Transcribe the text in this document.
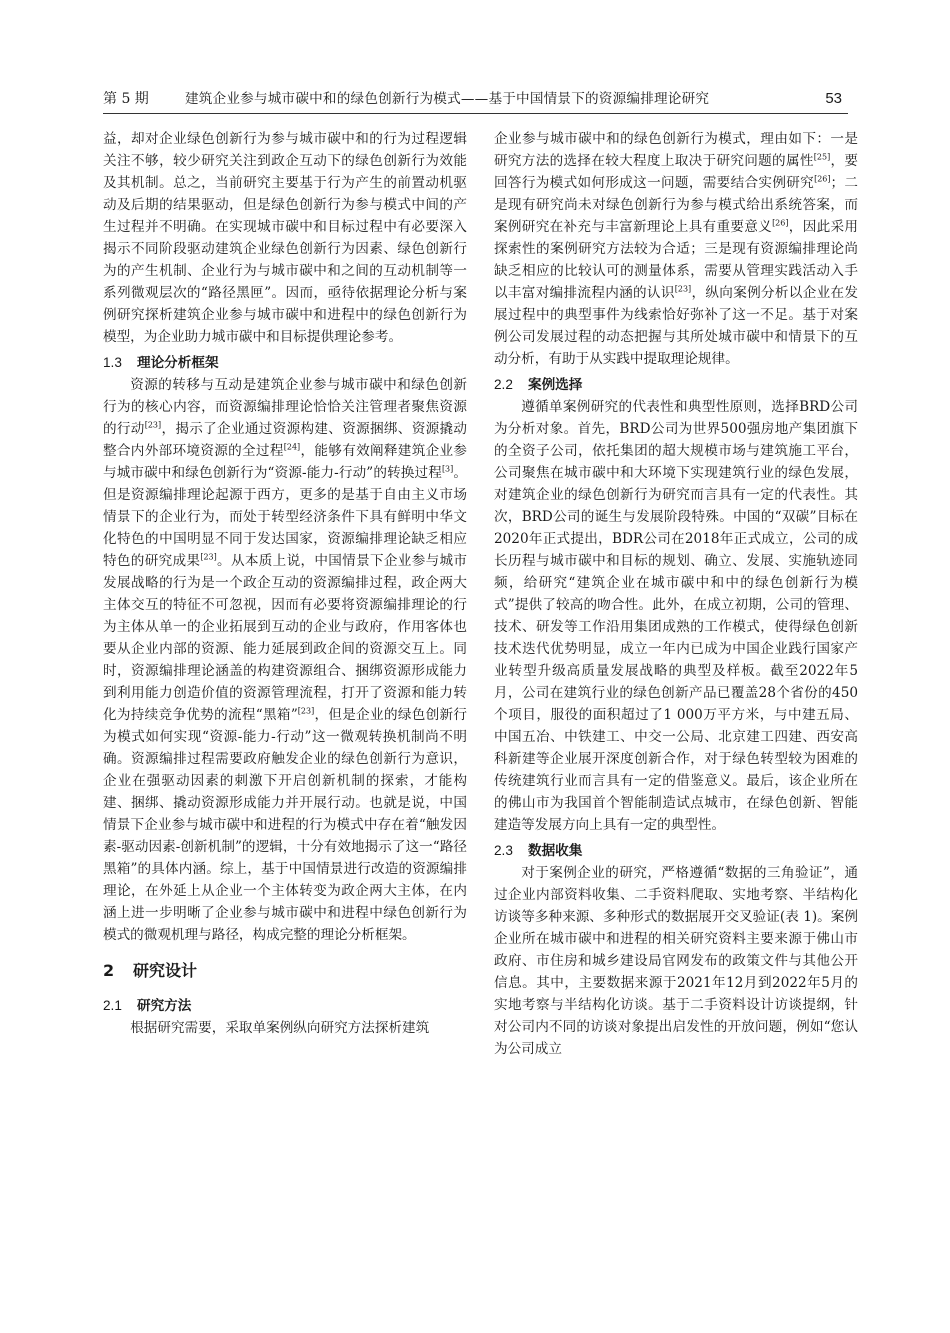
第 5 期	建筑企业参与城市碳中和的绿色创新行为模式——基于中国情景下的资源编排理论研究	53

益，却对企业绿色创新行为参与城市碳中和的行为过程逻辑关注不够，较少研究关注到政企互动下的绿色创新行为效能及其机制。总之，当前研究主要基于行为产生的前置动机驱动及后期的结果驱动，但是绿色创新行为参与模式中间的产生过程并不明确。在实现城市碳中和目标过程中有必要深入揭示不同阶段驱动建筑企业绿色创新行为因素、绿色创新行为的产生机制、企业行为与城市碳中和之间的互动机制等一系列微观层次的“路径黑匣”。因而，亟待依据理论分析与案例研究探析建筑企业参与城市碳中和进程中的绿色创新行为模型，为企业助力城市碳中和目标提供理论参考。

1.3 理论分析框架

资源的转移与互动是建筑企业参与城市碳中和绿色创新行为的核心内容，而资源编排理论恰恰关注管理者聚焦资源的行动[23]，揭示了企业通过资源构建、资源捆绑、资源撬动整合内外部环境资源的全过程[24]，能够有效阐释建筑企业参与城市碳中和绿色创新行为“资源-能力-行动”的转换过程[3]。但是资源编排理论起源于西方，更多的是基于自由主义市场情景下的企业行为，而处于转型经济条件下具有鲜明中华文化特色的中国明显不同于发达国家，资源编排理论缺乏相应特色的研究成果[23]。从本质上说，中国情景下企业参与城市发展战略的行为是一个政企互动的资源编排过程，政企两大主体交互的特征不可忽视，因而有必要将资源编排理论的行为主体从单一的企业拓展到互动的企业与政府，作用客体也要从企业内部的资源、能力延展到政企间的资源交互上。同时，资源编排理论涵盖的构建资源组合、捆绑资源形成能力到利用能力创造价值的资源管理流程，打开了资源和能力转化为持续竞争优势的流程“黑箱”[23]，但是企业的绿色创新行为模式如何实现“资源-能力-行动”这一微观转换机制尚不明确。资源编排过程需要政府触发企业的绿色创新行为意识，企业在强驱动因素的刺激下开启创新机制的探索，才能构建、捆绑、撬动资源形成能力并开展行动。也就是说，中国情景下企业参与城市碳中和进程的行为模式中存在着“触发因素-驱动因素-创新机制”的逻辑，十分有效地揭示了这一“路径黑箱”的具体内涵。综上，基于中国情景进行改造的资源编排理论，在外延上从企业一个主体转变为政企两大主体，在内涵上进一步明晰了企业参与城市碳中和进程中绿色创新行为模式的微观机理与路径，构成完整的理论分析框架。

2 研究设计

2.1 研究方法

根据研究需要，采取单案例纵向研究方法探析建筑

企业参与城市碳中和的绿色创新行为模式，理由如下：一是研究方法的选择在较大程度上取决于研究问题的属性[25]，要回答行为模式如何形成这一问题，需要结合实例研究[26]；二是现有研究尚未对绿色创新行为参与模式给出系统答案，而案例研究在补充与丰富新理论上具有重要意义[26]，因此采用探索性的案例研究方法较为合适；三是现有资源编排理论尚缺乏相应的比较认可的测量体系，需要从管理实践活动入手以丰富对编排流程内涵的认识[23]，纵向案例分析以企业在发展过程中的典型事件为线索恰好弥补了这一不足。基于对案例公司发展过程的动态把握与其所处城市碳中和情景下的互动分析，有助于从实践中提取理论规律。

2.2 案例选择

遵循单案例研究的代表性和典型性原则，选择BRD公司为分析对象。首先，BRD公司为世界500强房地产集团旗下的全资子公司，依托集团的超大规模市场与建筑施工平台，公司聚焦在城市碳中和大环境下实现建筑行业的绿色发展，对建筑企业的绿色创新行为研究而言具有一定的代表性。其次，BRD公司的诞生与发展阶段特殊。中国的“双碳”目标在2020年正式提出，BDR公司在2018年正式成立，公司的成长历程与城市碳中和目标的规划、确立、发展、实施轨迹同频，给研究“建筑企业在城市碳中和中的绿色创新行为模式”提供了较高的吻合性。此外，在成立初期，公司的管理、技术、研发等工作沿用集团成熟的工作模式，使得绿色创新技术迭代优势明显，成立一年内已成为中国企业践行国家产业转型升级高质量发展战略的典型及样板。截至2022年5月，公司在建筑行业的绿色创新产品已覆盖28个省份的450个项目，服役的面积超过了1 000万平方米，与中建五局、中国五冶、中铁建工、中交一公局、北京建工四建、西安高科新建等企业展开深度创新合作，对于绿色转型较为困难的传统建筑行业而言具有一定的借鉴意义。最后，该企业所在的佛山市为我国首个智能制造试点城市，在绿色创新、智能建造等发展方向上具有一定的典型性。

2.3 数据收集

对于案例企业的研究，严格遵循“数据的三角验证”，通过企业内部资料收集、二手资料爬取、实地考察、半结构化访谈等多种来源、多种形式的数据展开交叉验证(表 1)。案例企业所在城市碳中和进程的相关研究资料主要来源于佛山市政府、市住房和城乡建设局官网发布的政策文件与其他公开信息。其中，主要数据来源于2021年12月到2022年5月的实地考察与半结构化访谈。基于二手资料设计访谈提纲，针对公司内不同的访谈对象提出启发性的开放问题，例如“您认为公司成立
